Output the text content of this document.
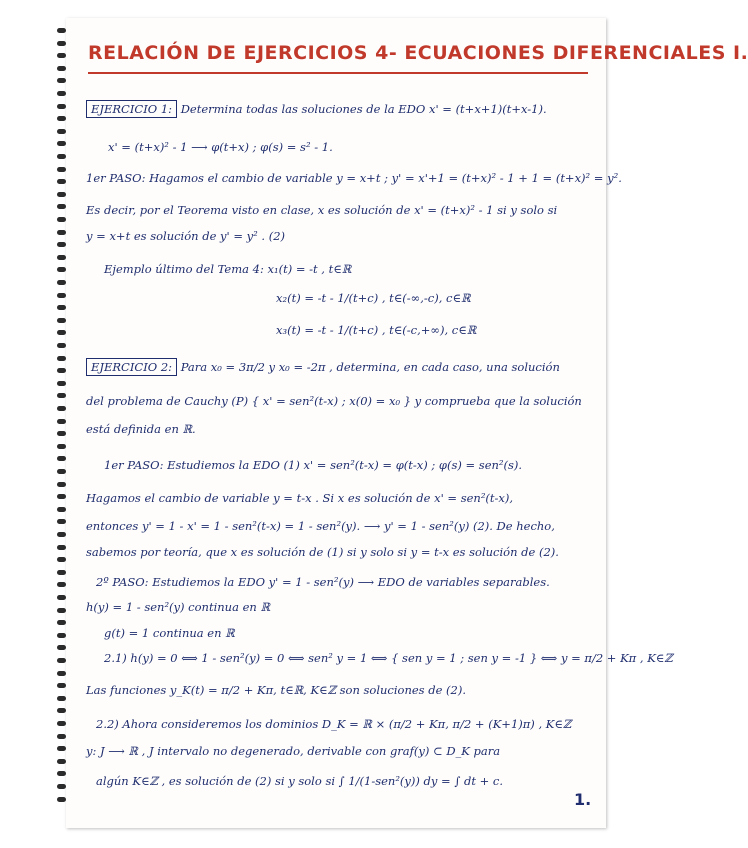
RELACIÓN DE EJERCICIOS 4- ECUACIONES DIFERENCIALES I.
EJERCICIO 1: Determina todas las soluciones de la EDO x' = (t+x+1)(t+x-1).
x' = (t+x)² - 1 ⟶ φ(t+x) ; φ(s) = s² - 1.
1er PASO: Hagamos el cambio de variable y = x+t ; y' = x'+1 = (t+x)² - 1 + 1 = (t+x)² = y².
Es decir, por el Teorema visto en clase, x es solución de x' = (t+x)² - 1 si y solo si
y = x+t es solución de y' = y² . (2)
Ejemplo último del Tema 4: x₁(t) = -t , t∈ℝ
x₂(t) = -t - 1/(t+c) , t∈(-∞,-c), c∈ℝ
x₃(t) = -t - 1/(t+c) , t∈(-c,+∞), c∈ℝ
EJERCICIO 2: Para x₀ = 3π/2 y x₀ = -2π , determina, en cada caso, una solución
del problema de Cauchy (P) { x' = sen²(t-x) ; x(0) = x₀ } y comprueba que la solución
está definida en ℝ.
1er PASO: Estudiemos la EDO (1) x' = sen²(t-x) = φ(t-x) ; φ(s) = sen²(s).
Hagamos el cambio de variable y = t-x . Si x es solución de x' = sen²(t-x),
entonces y' = 1 - x' = 1 - sen²(t-x) = 1 - sen²(y). ⟶ y' = 1 - sen²(y) (2). De hecho,
sabemos por teoría, que x es solución de (1) si y solo si y = t-x es solución de (2).
2º PASO: Estudiemos la EDO y' = 1 - sen²(y) ⟶ EDO de variables separables.
h(y) = 1 - sen²(y) continua en ℝ
g(t) = 1 continua en ℝ
2.1) h(y) = 0 ⟺ 1 - sen²(y) = 0 ⟺ sen² y = 1 ⟺ { sen y = 1 ; sen y = -1 } ⟺ y = π/2 + Kπ , K∈ℤ
Las funciones y_K(t) = π/2 + Kπ, t∈ℝ, K∈ℤ son soluciones de (2).
2.2) Ahora consideremos los dominios D_K = ℝ × (π/2 + Kπ, π/2 + (K+1)π) , K∈ℤ
y: J ⟶ ℝ , J intervalo no degenerado, derivable con graf(y) ⊂ D_K para
algún K∈ℤ , es solución de (2) si y solo si ∫ 1/(1-sen²(y)) dy = ∫ dt + c.
1.
